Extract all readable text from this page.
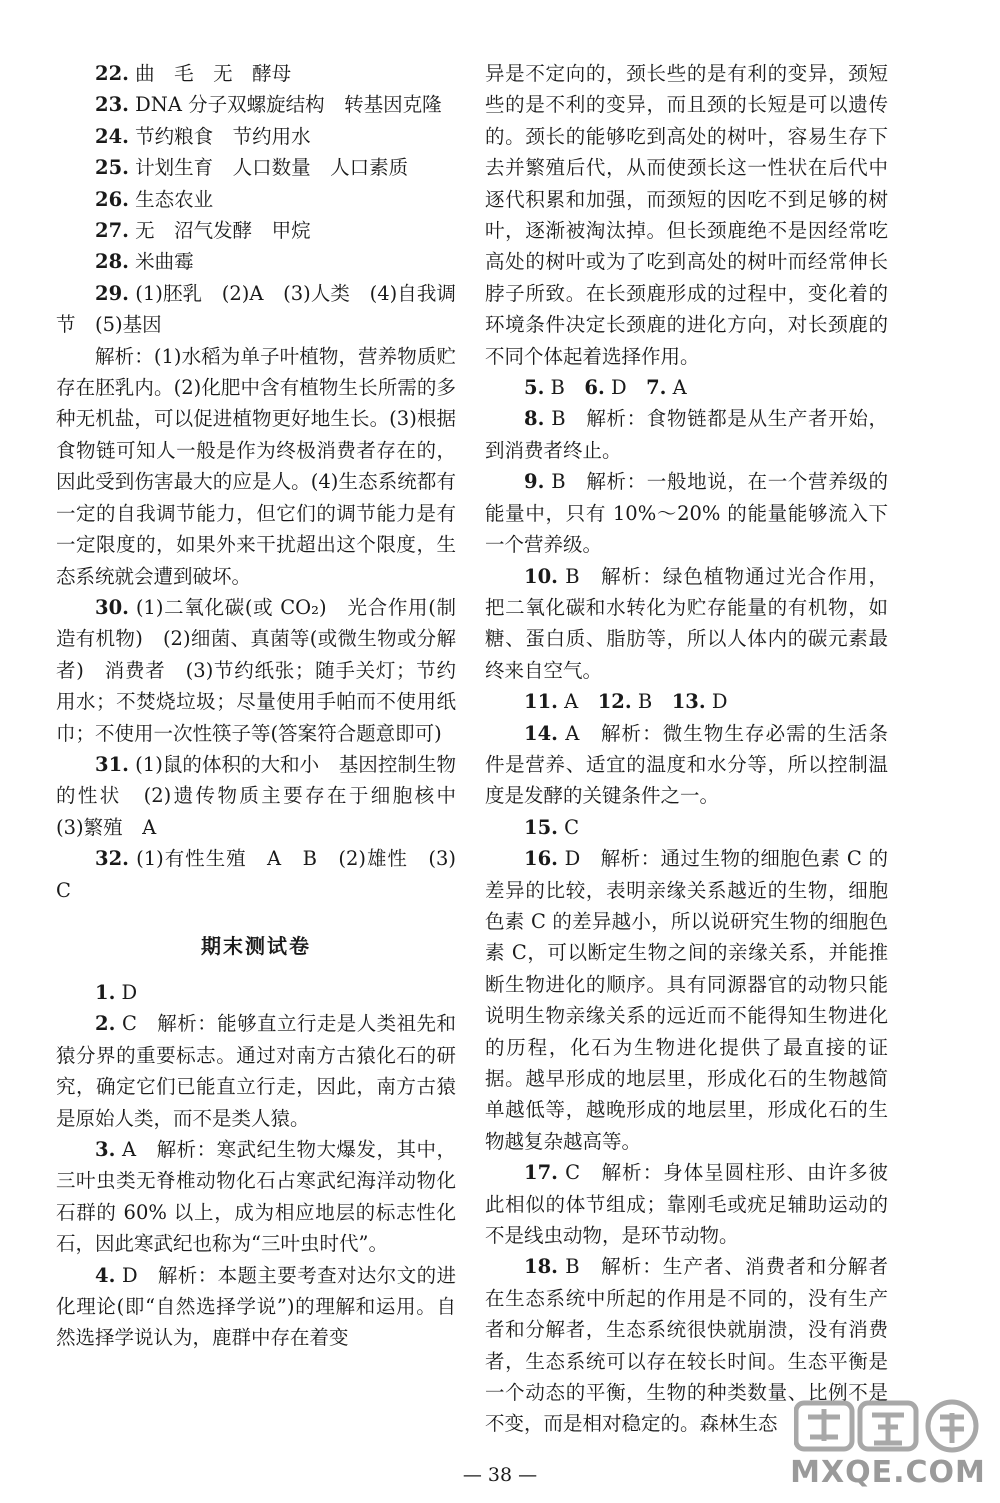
22. 曲　毛　无　酵母

23. DNA 分子双螺旋结构　转基因克隆

24. 节约粮食　节约用水

25. 计划生育　人口数量　人口素质

26. 生态农业

27. 无　沼气发酵　甲烷

28. 米曲霉

29. (1)胚乳　(2)A　(3)人类　(4)自我调节　(5)基因

解析：(1)水稻为单子叶植物，营养物质贮存在胚乳内。(2)化肥中含有植物生长所需的多种无机盐，可以促进植物更好地生长。(3)根据食物链可知人一般是作为终极消费者存在的，因此受到伤害最大的应是人。(4)生态系统都有一定的自我调节能力，但它们的调节能力是有一定限度的，如果外来干扰超出这个限度，生态系统就会遭到破坏。

30. (1)二氧化碳(或 CO₂)　光合作用(制造有机物)　(2)细菌、真菌等(或微生物或分解者)　消费者　(3)节约纸张；随手关灯；节约用水；不焚烧垃圾；尽量使用手帕而不使用纸巾；不使用一次性筷子等(答案符合题意即可)

31. (1)鼠的体积的大和小　基因控制生物的性状　(2)遗传物质主要存在于细胞核中　(3)繁殖　A

32. (1)有性生殖　A　B　(2)雄性　(3)C

期末测试卷

1. D

2. C　解析：能够直立行走是人类祖先和猿分界的重要标志。通过对南方古猿化石的研究，确定它们已能直立行走，因此，南方古猿是原始人类，而不是类人猿。

3. A　解析：寒武纪生物大爆发，其中，三叶虫类无脊椎动物化石占寒武纪海洋动物化石群的 60% 以上，成为相应地层的标志性化石，因此寒武纪也称为“三叶虫时代”。

4. D　解析：本题主要考查对达尔文的进化理论(即“自然选择学说”)的理解和运用。自然选择学说认为，鹿群中存在着变

异是不定向的，颈长些的是有利的变异，颈短些的是不利的变异，而且颈的长短是可以遗传的。颈长的能够吃到高处的树叶，容易生存下去并繁殖后代，从而使颈长这一性状在后代中逐代积累和加强，而颈短的因吃不到足够的树叶，逐渐被淘汰掉。但长颈鹿绝不是因经常吃高处的树叶或为了吃到高处的树叶而经常伸长脖子所致。在长颈鹿形成的过程中，变化着的环境条件决定长颈鹿的进化方向，对长颈鹿的不同个体起着选择作用。

5. B　6. D　7. A

8. B　解析：食物链都是从生产者开始，到消费者终止。

9. B　解析：一般地说，在一个营养级的能量中，只有 10%～20% 的能量能够流入下一个营养级。

10. B　解析：绿色植物通过光合作用，把二氧化碳和水转化为贮存能量的有机物，如糖、蛋白质、脂肪等，所以人体内的碳元素最终来自空气。

11. A　12. B　13. D

14. A　解析：微生物生存必需的生活条件是营养、适宜的温度和水分等，所以控制温度是发酵的关键条件之一。

15. C

16. D　解析：通过生物的细胞色素 C 的差异的比较，表明亲缘关系越近的生物，细胞色素 C 的差异越小，所以说研究生物的细胞色素 C，可以断定生物之间的亲缘关系，并能推断生物进化的顺序。具有同源器官的动物只能说明生物亲缘关系的远近而不能得知生物进化的历程，化石为生物进化提供了最直接的证据。越早形成的地层里，形成化石的生物越简单越低等，越晚形成的地层里，形成化石的生物越复杂越高等。

17. C　解析：身体呈圆柱形、由许多彼此相似的体节组成；靠刚毛或疣足辅助运动的不是线虫动物，是环节动物。

18. B　解析：生产者、消费者和分解者在生态系统中所起的作用是不同的，没有生产者和分解者，生态系统很快就崩溃，没有消费者，生态系统可以存在较长时间。生态平衡是一个动态的平衡，生物的种类数量、比例不是不变，而是相对稳定的。森林生态

— 38 —	MXQE.COM
